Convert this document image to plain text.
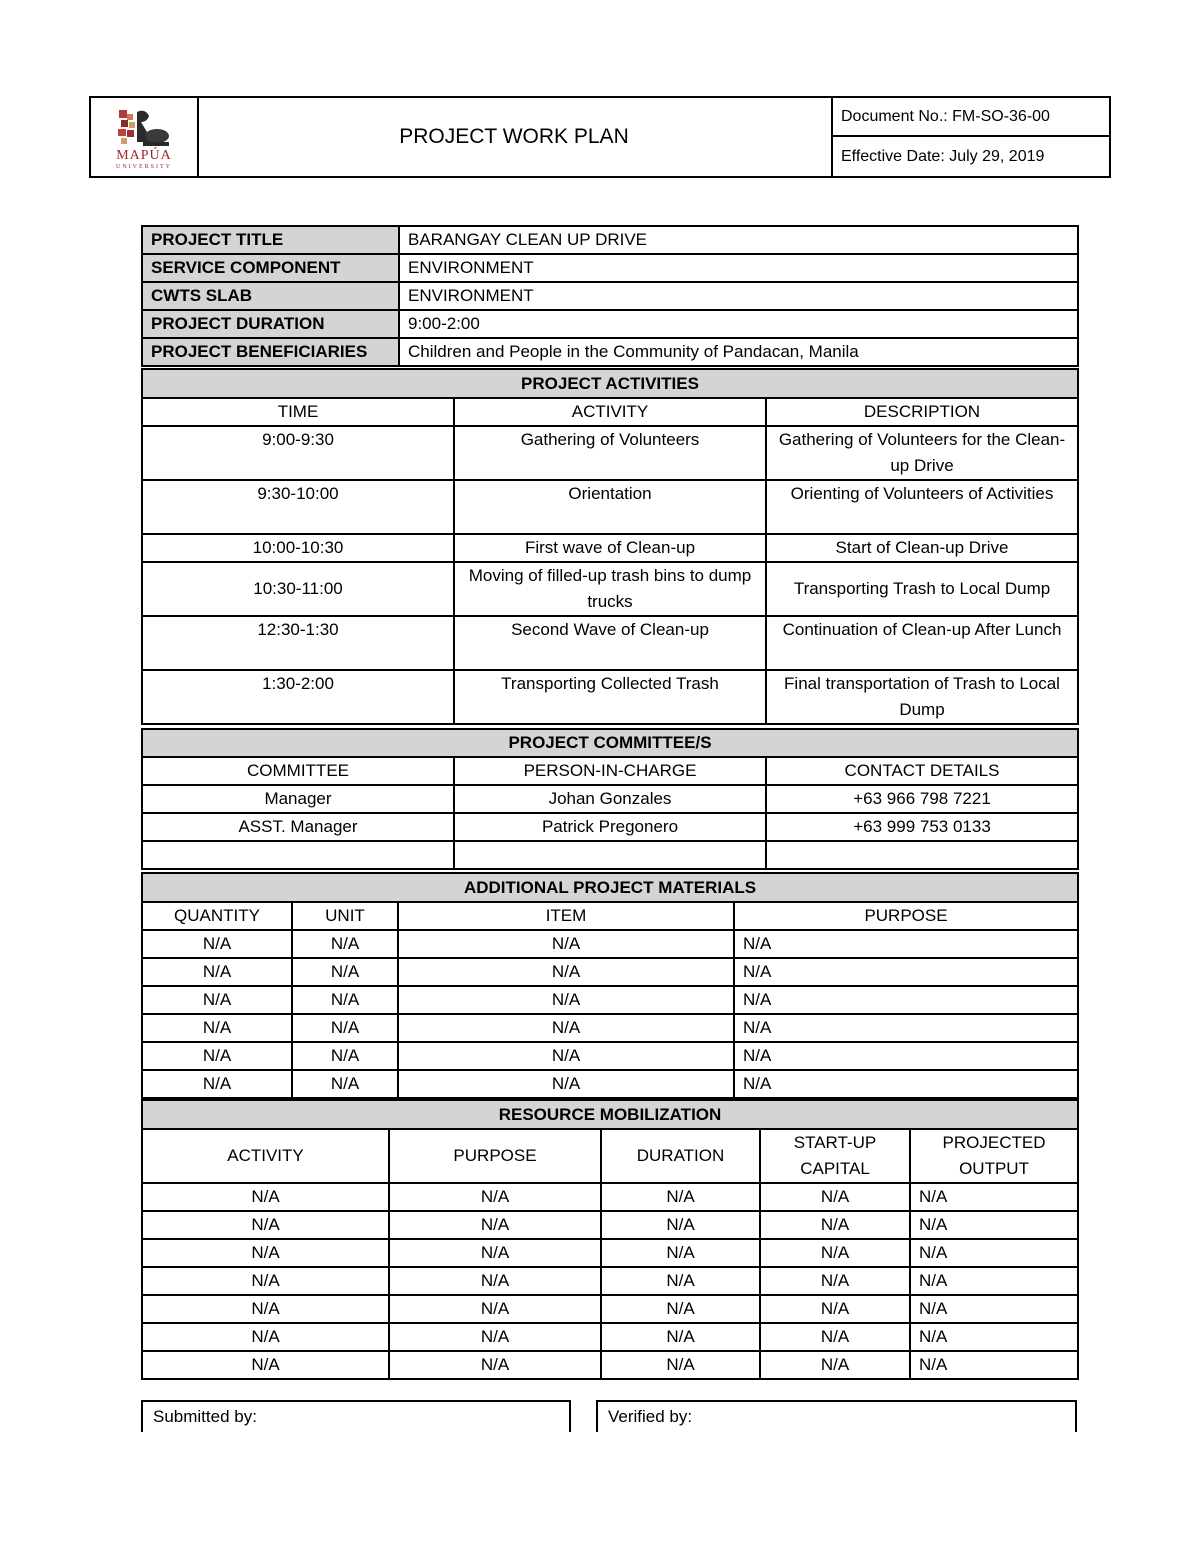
MAPÚA
UNIVERSITY
PROJECT WORK PLAN
Document No.: FM-SO-36-00
Effective Date: July 29, 2019
PROJECT TITLE	BARANGAY CLEAN UP DRIVE
SERVICE COMPONENT	ENVIRONMENT
CWTS SLAB	ENVIRONMENT
PROJECT DURATION	9:00-2:00
PROJECT BENEFICIARIES	Children and People in the Community of Pandacan, Manila
PROJECT ACTIVITIES		
TIME	ACTIVITY	DESCRIPTION
9:00-9:30	Gathering of Volunteers	Gathering of Volunteers for the Clean-up Drive
9:30-10:00	Orientation	Orienting of Volunteers of Activities
10:00-10:30	First wave of Clean-up	Start of Clean-up Drive
10:30-11:00	Moving of filled-up trash bins to dump trucks	Transporting Trash to Local Dump
12:30-1:30	Second Wave of Clean-up	Continuation of Clean-up After Lunch
1:30-2:00	Transporting Collected Trash	Final transportation of Trash to Local Dump
PROJECT COMMITTEE/S		
COMMITTEE	PERSON-IN-CHARGE	CONTACT DETAILS
Manager	Johan Gonzales	+63 966 798 7221
ASST. Manager	Patrick Pregonero	+63 999 753 0133

ADDITIONAL PROJECT MATERIALS			
QUANTITY	UNIT	ITEM	PURPOSE
N/A	N/A	N/A	N/A
N/A	N/A	N/A	N/A
N/A	N/A	N/A	N/A
N/A	N/A	N/A	N/A
N/A	N/A	N/A	N/A
N/A	N/A	N/A	N/A
RESOURCE MOBILIZATION				
ACTIVITY	PURPOSE	DURATION	START-UP CAPITAL	PROJECTED OUTPUT
N/A	N/A	N/A	N/A	N/A
N/A	N/A	N/A	N/A	N/A
N/A	N/A	N/A	N/A	N/A
N/A	N/A	N/A	N/A	N/A
N/A	N/A	N/A	N/A	N/A
N/A	N/A	N/A	N/A	N/A
N/A	N/A	N/A	N/A	N/A
Submitted by:	Verified by:
